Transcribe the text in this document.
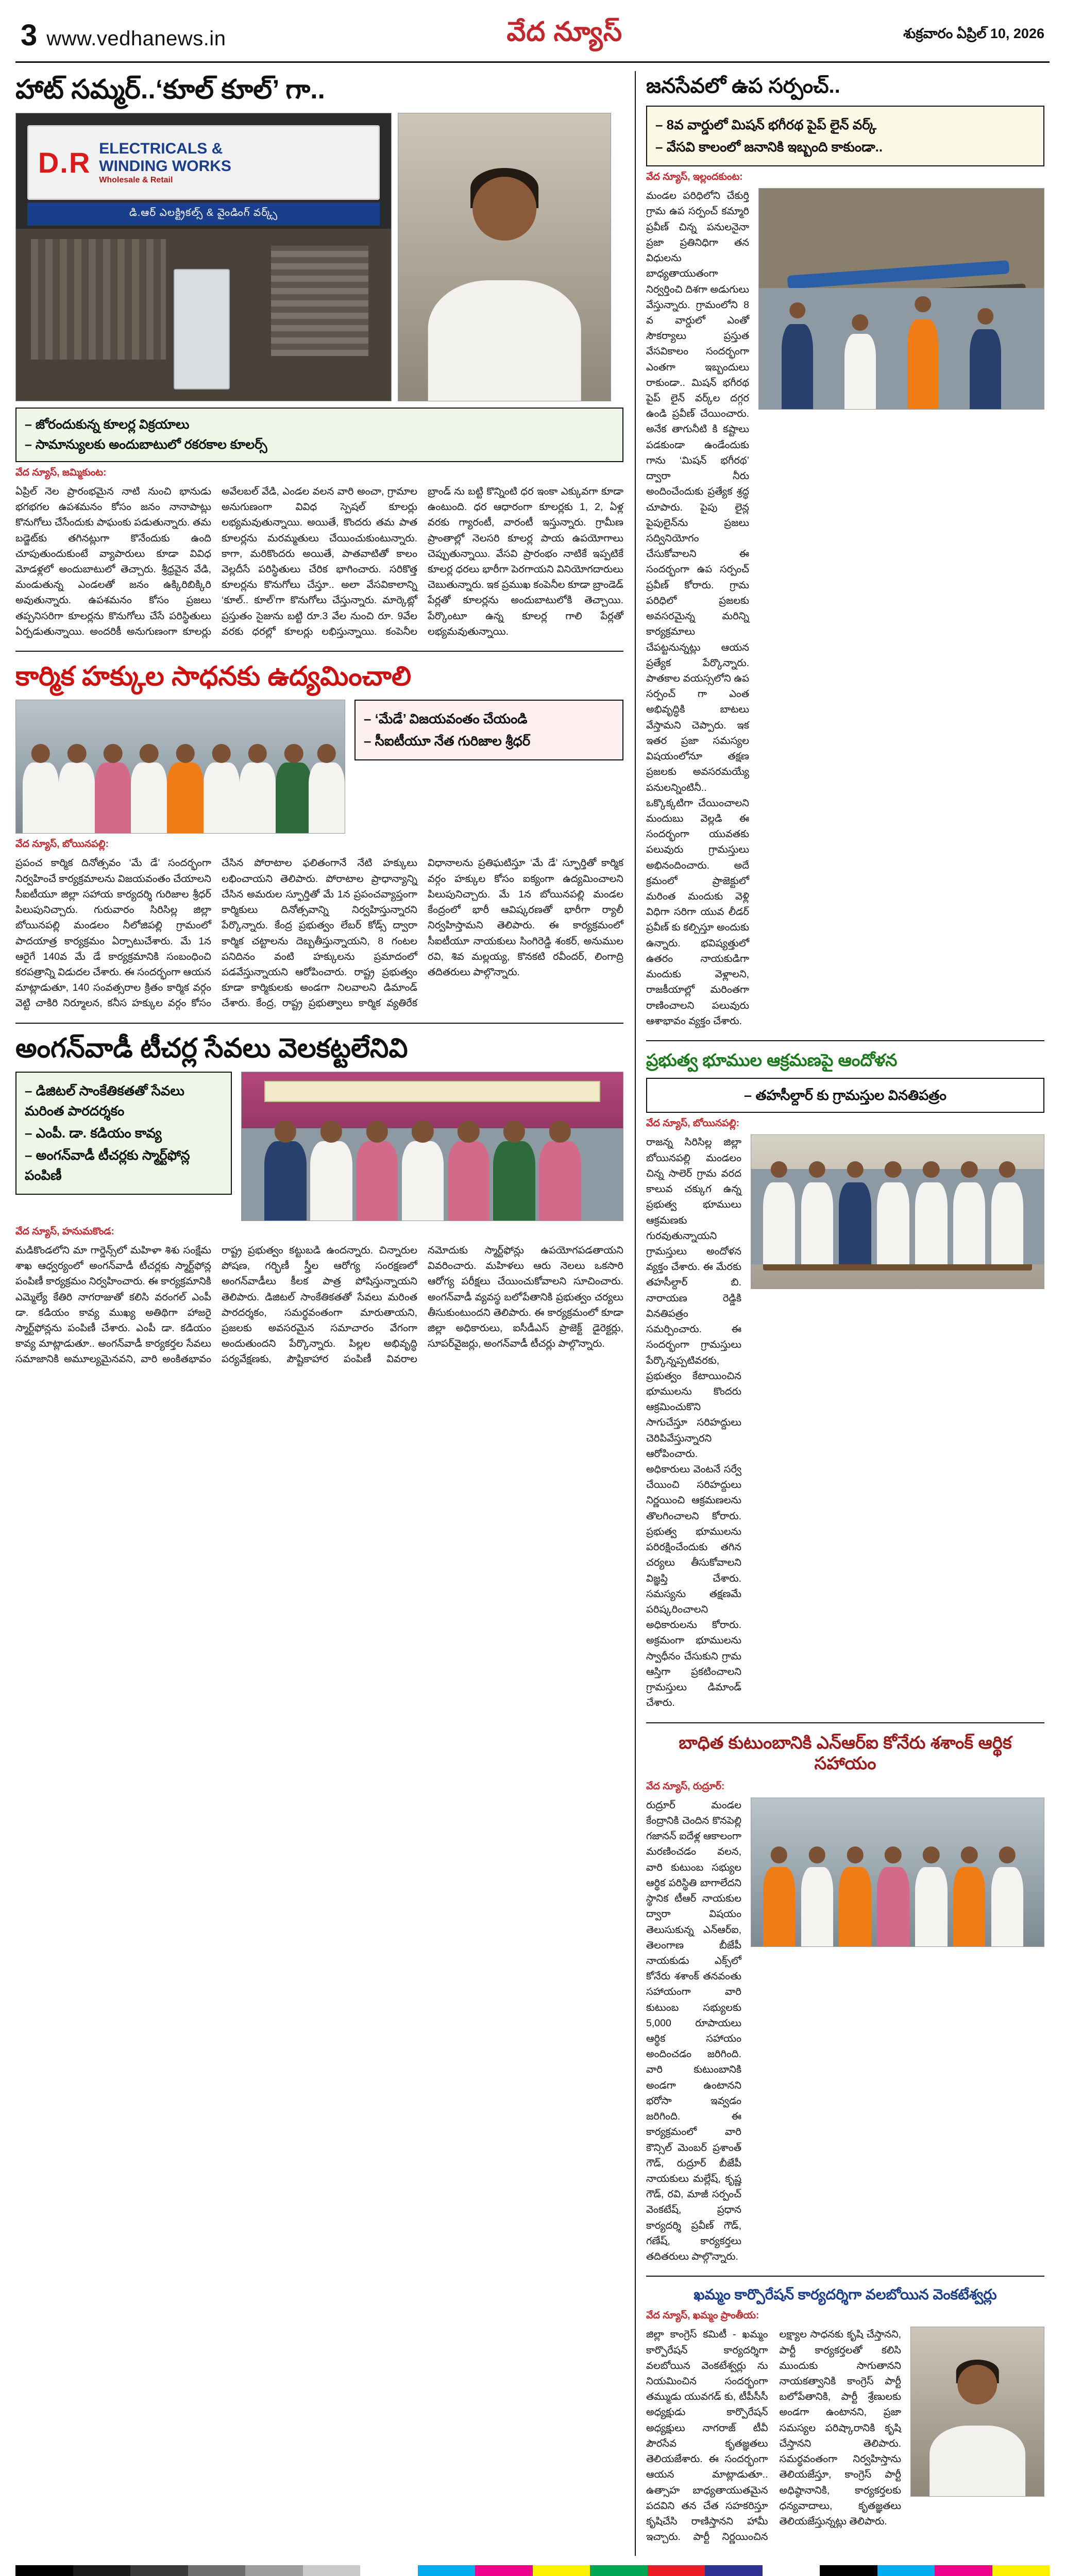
3 www.vedhanews.in	వేద న్యూస్	శుక్రవారం ఏప్రిల్ 10, 2026
హాట్ సమ్మర్..‘కూల్ కూల్’ గా..
D.R ELECTRICALS &
WINDING WORKS
Wholesale & Retail
డి.ఆర్ ఎలక్ట్రికల్స్ & వైండింగ్ వర్క్స్
– జోరందుకున్న కూలర్ల విక్రయాలు
– సామాన్యులకు అందుబాటులో రకరకాల కూలర్స్
వేద న్యూస్, జమ్మికుంట:
ఏప్రిల్ నెల ప్రారంభమైన నాటి నుంచి భానుడు భగభగల ఉపశమనం కోసం జనం నానాపాట్లు కొనుగోలు చేసేందుకు పాఘంకు పడుతున్నారు. తమ బడ్జెట్‌కు తగినట్లుగా కొనేందుకు ఉంది చూపుతుందుకుంటే వ్యాపారులు కూడా వివిధ మోడళ్లలో అందుబాటులో తెచ్చారు. శ్రీధ్రవైన వేడి, మండుతున్న ఎండలతో జనం ఉక్కిరిబిక్కిరి అవుతున్నారు. ఉపశమనం కోసం ప్రజలు తప్పనిసరిగా కూలర్లను కొనుగోలు చేసే పరిస్థితులు ఏర్పడుతున్నాయి. అందరికీ అనుగుణంగా కూలర్లు అవేలబల్ వేడి, ఎండల వలన వారి అంచా, గ్రామాల అనుగుణంగా వివిధ స్పెషల్ కూలర్లు లభ్యమవుతున్నాయి. అయితే, కొందరు తమ పాత కూలర్లను మరమ్మతులు చేయించుకుంటున్నారు. కాగా, మరికొందరు అయితే, పాతవాటితో కాలం వెల్లదీసే పరిస్థితులు చేరిక భాగించారు. సరికొత్త కూలర్లను కొనుగోలు చేస్తూ.. అలా వేసవికాలాన్ని ‘కూల్.. కూల్’గా కొనుగోలు చేస్తున్నారు. మార్కెట్లో ప్రస్తుతం సైజును బట్టి రూ.3 వేల నుంచి రూ. 9వేల వరకు ధరల్లో కూలర్లు లభిస్తున్నాయి. కంపెనీల బ్రాండ్ ను బట్టి కొన్నింటి ధర ఇంకా ఎక్కువగా కూడా ఉంటుంది. ధర ఆధారంగా కూలర్లకు 1, 2, ఏళ్ల వరకు గ్యారంటీ, వారంటీ ఇస్తున్నారు. గ్రామీణ ప్రాంతాల్లో నెలసరి కూలర్ల పాయ ఉపయోగాలు చెప్పుతున్నాయి. వేసవి ప్రారంభం నాటికే ఇప్పటికే కూలర్ల ధరలు భారీగా పెరగాయని వినియోగదారులు చెబుతున్నారు. ఇక ప్రముఖ కంపెనీల కూడా బ్రాండెడ్ పేర్లతో కూలర్లను అందుబాటులోకి తెచ్చాయి. పేర్కొంటూ ఉన్న కూలర్ల గాలి పేర్లతో లభ్యమవుతున్నాయి.
కార్మిక హక్కుల సాధనకు ఉద్యమించాలి
– ‘మేడే’ విజయవంతం చేయండి
– సీఐటీయూ నేత గురిజాల శ్రీధర్
వేద న్యూస్, బోయినపల్లి:
ప్రపంచ కార్మిక దినోత్సవం ‘మే డే’ సందర్భంగా నిర్వహించే కార్యక్రమాలను విజయవంతం చేయాలని సీఐటీయూ జిల్లా సహాయ కార్యదర్శి గురిజాల శ్రీధర్ పిలుపునిచ్చారు. గురువారం సిరిసిల్ల జిల్లా బోయినపల్లి మండలం నీలోజిపల్లి గ్రామంలో పాదయాత్ర కార్యక్రమం ఏర్పాటుచేశారు. మే 1న ఆరైగే 140వ మే డే కార్యక్రమానికి సంబంధించి కరపత్రాన్ని విడుదల చేశారు. ఈ సందర్భంగా ఆయన మాట్లాడుతూ, 140 సంవత్సరాల క్రితం కార్మిక వర్గం వెట్టి చాకిరి నిర్మూలన, కనీస హక్కుల వర్గం కోసం చేసిన పోరాటాల ఫలితంగానే నేటి హక్కులు లభించాయని తెలిపారు. పోరాటాల ప్రాధాన్యాన్ని చేసిన అమరుల స్ఫూర్తితో మే 1న ప్రపంచవ్యాప్తంగా కార్మికులు దినోత్సవాన్ని నిర్వహిస్తున్నారని పేర్కొన్నారు. కేంద్ర ప్రభుత్వం లేబర్ కోడ్స్ ద్వారా కార్మిక చట్టాలను దెబ్బతీస్తున్నాయని, 8 గంటల పనిదినం వంటి హక్కులను ప్రమాదంలో పడవేస్తున్నాయని ఆరోపించారు. రాష్ట్ర ప్రభుత్వం కూడా కార్మికులకు అండగా నిలవాలని డిమాండ్ చేశారు. కేంద్ర, రాష్ట్ర ప్రభుత్వాలు కార్మిక వ్యతిరేక విధానాలను ప్రతిఘటిస్తూ ‘మే డే’ స్ఫూర్తితో కార్మిక వర్గం హక్కుల కోసం ఐక్యంగా ఉద్యమించాలని పిలుపునిచ్చారు. మే 1న బోయినపల్లి మండల కేంద్రంలో భారీ ఆవిష్కరణతో భారీగా ర్యాలీ నిర్వహిస్తామని తెలిపారు. ఈ కార్యక్రమంలో సీఐటీయూ నాయకులు సింగిరెడ్డి శంకర్, అనుముల రవి, శివ మల్లయ్య, కొనకటి రవీందర్, లింగాద్రి తదితరులు పాల్గొన్నారు.
అంగన్‌వాడీ టీచర్ల సేవలు వెలకట్టలేనివి
– డిజిటల్ సాంకేతికతతో సేవలు మరింత పారదర్శకం
– ఎంపీ. డా. కడియం కావ్య
– అంగన్‌వాడీ టీచర్లకు స్మార్ట్‌ఫోన్ల పంపిణీ
వేద న్యూస్, హనుమకొండ:
మడికొండలోని మా గార్డెన్స్‌లో మహిళా శిశు సంక్షేమ శాఖ ఆధ్వర్యంలో అంగన్‌వాడీ టీచర్లకు స్మార్ట్‌ఫోన్ల పంపిణీ కార్యక్రమం నిర్వహించారు. ఈ కార్యక్రమానికి ఎమ్మెల్యే కేతిరి నాగరాజుతో కలిసి వరంగల్ ఎంపీ డా. కడియం కావ్య ముఖ్య అతిథిగా హాజరై స్మార్ట్‌ఫోన్లను పంపిణీ చేశారు. ఎంపీ డా. కడియం కావ్య మాట్లాడుతూ.. అంగన్‌వాడీ కార్యకర్తల సేవలు సమాజానికి అమూల్యమైనవని, వారి అంకితభావం రాష్ట్ర ప్రభుత్వం కట్టుబడి ఉందన్నారు. చిన్నారుల పోషణ, గర్భిణీ స్త్రీల ఆరోగ్య సంరక్షణలో అంగన్‌వాడీలు కీలక పాత్ర పోషిస్తున్నాయని తెలిపారు. డిజిటల్ సాంకేతికతతో సేవలు మరింత పారదర్శకం, సమర్థవంతంగా మారుతాయని, ప్రజలకు అవసరమైన సమాచారం వేగంగా అందుతుందని పేర్కొన్నారు. పిల్లల అభివృద్ధి పర్యవేక్షణకు, పౌష్టికాహార పంపిణీ వివరాల నమోదుకు స్మార్ట్‌ఫోన్లు ఉపయోగపడతాయని వివరించారు. మహిళలు ఆరు నెలలు ఒకసారి ఆరోగ్య పరీక్షలు చేయించుకోవాలని సూచించారు. అంగన్‌వాడీ వ్యవస్థ బలోపేతానికి ప్రభుత్వం చర్యలు తీసుకుంటుందని తెలిపారు. ఈ కార్యక్రమంలో కూడా జిల్లా అధికారులు, ఐసీడీఎస్ ప్రాజెక్ట్ డైరెక్టర్లు, సూపర్‌వైజర్లు, అంగన్‌వాడీ టీచర్లు పాల్గొన్నారు.
జనసేవలో ఉప సర్పంచ్..
– 8వ వార్డులో మిషన్ భగీరథ పైప్ లైన్ వర్క్
– వేసవి కాలంలో జనానికి ఇబ్బంది కాకుండా..
వేద న్యూస్, ఇల్లందకుంట:
మండల పరిధిలోని చేకుర్తి గ్రామ ఉప సర్పంచ్ కమ్మారి ప్రవీణ్ చిన్న పనులనైనా ప్రజా ప్రతినిధిగా తన విధులను బాధ్యతాయుతంగా నిర్వర్తించి దిశగా అడుగులు వేస్తున్నారు. గ్రామంలోని 8 వ వార్డులో ఎంతో సౌకర్యాలు ప్రస్తుత వేసవికాలం సందర్భంగా ఎంతగా ఇబ్బందులు రాకుండా.. మిషన్ భగీరథ పైప్ లైన్ వర్క్‌ల దగ్గర ఉండి ప్రవీణ్ చేయించారు. అనేక తాగునీటి కి కష్టాలు పడకుండా ఉండేందుకు గాను ‘మిషన్ భగీరథ’ ద్వారా నీరు అందించేందుకు ప్రత్యేక శ్రద్ధ చూపారు. పైపు లైన్ల పైపులైన్‌ను ప్రజలు సద్వినియోగం చేసుకోవాలని ఈ సందర్భంగా ఉప సర్పంచ్ ప్రవీణ్ కోరారు. గ్రామ పరిధిలో ప్రజలకు అవసరమైన్న మరిన్ని కార్యక్రమాలు చేపట్టనున్నట్లు ఆయన ప్రత్యేక పేర్కొన్నారు. పాతకాల వయస్సలోని ఉప సర్పంచ్ గా ఎంత అభివృద్ధికి బాటలు వేస్తామని చెప్పారు. ఇక ఇతర ప్రజా సమస్యల విషయంలోనూ తక్షణ ప్రజలకు అవసరమయ్యే పనులన్నింటినీ.. ఒక్కొక్కటిగా చేయించాలని మందుబు వెల్లడి ఈ సందర్భంగా యువతకు పలువురు గ్రామస్తులు అభినందించారు. అదే క్రమంలో ప్రాజెక్టులో మరింత మందుకు వెళ్లి విధిగా సరిగా యువ లీడర్ ప్రవీణ్ కు కల్పిస్తూ అందుకు ఉన్నారు. భవిష్యత్తులో ఉతరం నాయకుడిగా మందుకు వెళ్లాలని, రాజకీయాల్లో మరింతగా రాణించాలని పలువురు ఆశాభావం వ్యక్తం చేశారు.
ప్రభుత్వ భూముల ఆక్రమణపై ఆందోళన
– తహసీల్దార్ కు గ్రామస్తుల వినతిపత్రం
వేద న్యూస్, బోయినపల్లి:
రాజన్న సిరిసిల్ల జిల్లా బోయినపల్లి మండలం చిన్న సాలెర్ గ్రామ వరద కాలువ చక్కుగ ఉన్న ప్రభుత్వ భూములు ఆక్రమణకు గురవుతున్నాయని గ్రామస్తులు అందోళన వ్యక్తం చేశారు. ఈ మేరకు తహసీల్దార్ బి. నారాయణ రెడ్డికి వినతిపత్రం సమర్పించారు. ఈ సందర్భంగా గ్రామస్తులు పేర్కొన్నప్పటివరకు, ప్రభుత్వం కేటాయించిన భూములను కొందరు ఆక్రమించుకొని సాగుచేస్తూ సరిహద్దులు చెరిపివేస్తున్నారని ఆరోపించారు. అధికారులు వెంటనే సర్వే చేయించి సరిహద్దులు నిర్ణయించి ఆక్రమణలను తొలగించాలని కోరారు. ప్రభుత్వ భూములను పరిరక్షించేందుకు తగిన చర్యలు తీసుకోవాలని విజ్ఞప్తి చేశారు. సమస్యను తక్షణమే పరిష్కరించాలని అధికారులను కోరారు. అక్రమంగా భూములను స్వాధీనం చేసుకుని గ్రామ ఆస్తిగా ప్రకటించాలని గ్రామస్తులు డిమాండ్ చేశారు.
బాధిత కుటుంబానికి ఎన్ఆర్ఐ కోనేరు శశాంక్ ఆర్థిక సహాయం
వేద న్యూస్, రుద్రూర్:
రుద్రూర్ మండల కేంద్రానికి చెందిన కొనపెల్లి గజానన్ ఐదేళ్ల ఆకాలంగా మరణించడం వలన, వారి కుటుంబ సభ్యుల ఆర్థిక పరిస్థితి బాగాలేదని స్థానిక టీఆర్ నాయకుల ద్వారా విషయం తెలుసుకున్న ఎన్ఆర్ఐ, తెలంగాణ బీజేపీ నాయకుడు ఎక్స్‌లో కోనేరు శశాంక్ తనవంతు సహాయంగా వారి కుటుంబ సభ్యులకు 5,000 రూపాయలు ఆర్థిక సహాయం అందించడం జరిగింది. వారి కుటుంబానికి అండగా ఉంటానని భరోసా ఇవ్వడం జరిగింది. ఈ కార్యక్రమంలో వారి కౌన్సిల్ మెంబర్ ప్రశాంత్ గౌడ్, రుద్రూర్ బీజేపీ నాయకులు మల్లేష్, కృష్ణ గౌడ్, రవి, మాజీ సర్పంచ్ వెంకటేష్, ప్రధాన కార్యదర్శి ప్రవీణ్ గౌడ్, గణేష్, కార్యకర్తలు తదితరులు పాల్గొన్నారు.
ఖమ్మం కార్పొరేషన్ కార్యదర్శిగా వలబోయిన వెంకటేశ్వర్లు
వేద న్యూస్, ఖమ్మం ప్రాంతీయ:
జిల్లా కాంగ్రెస్ కమిటీ - ఖమ్మం కార్పొరేషన్ కార్యదర్శిగా వలబోయిన వెంకటేశ్వర్లు ను నియమించిన సందర్భంగా తమ్ముడు యువగడ్ కు, టీపీసీసీ అధ్యక్షుడు కార్పొరేషన్ అధ్యక్షులు నాగరాజ్ టీవీ పౌరసేవ కృతజ్ఞతలు తెలియజేశారు. ఈ సందర్భంగా ఆయన మాట్లాడుతూ.. ఉత్సాహ బాధ్యతాయుతమైన పదవిని తన చేత సహకరిస్తూ కృషిచేసి రాణిస్తానని హామీ ఇచ్చారు. పార్టీ నిర్ణయించిన లక్ష్యాల సాధనకు కృషి చేస్తానని, పార్టీ కార్యకర్తలతో కలిసి ముందుకు సాగుతానని నాయకత్వానికి కాంగ్రెస్ పార్టీ బలోపేతానికి, పార్టీ శ్రేణులకు అండగా ఉంటానని, ప్రజా సమస్యల పరిష్కారానికి కృషి చేస్తానని తెలిపారు. సమర్థవంతంగా నిర్వహిస్తాను తెలియజేస్తూ, కాంగ్రెస్ పార్టీ అధిష్ఠానానికి, కార్యకర్తలకు ధన్యవాదాలు, కృతజ్ఞతలు తెలియజేస్తున్నట్లు తెలిపారు.
